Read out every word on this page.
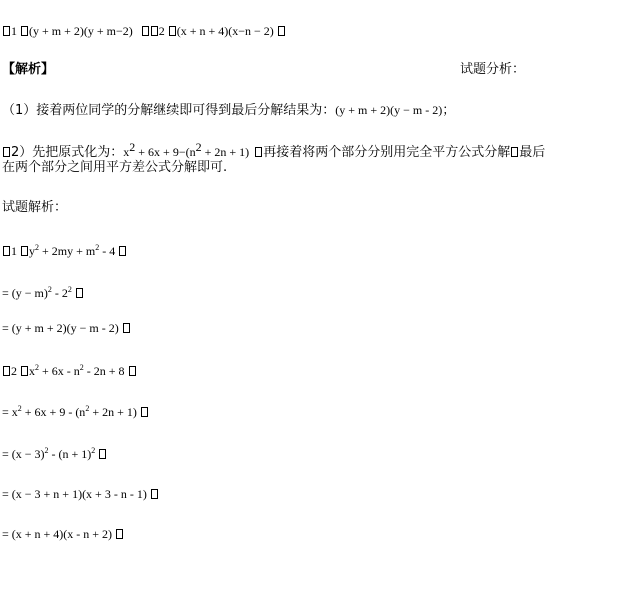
1 (y + m + 2)(y + m−2) 2 (x + n + 4)(x−n − 2)
【解析】	试题分析：
（1）接着两位同学的分解继续即可得到最后分解结果为：(y + m + 2)(y − m - 2)；
2）先把原式化为：$x^2 + 6x + 9-(n^2 + 2n + 1)$ 再接着将两个部分分别用完全平方公式分解 最后
在两个部分之间用平方差公式分解即可.
试题解析：
1 $y^2 + 2my + m^2 - 4$
= $(y - m)^2 - 2^2$
= (y + m + 2)(y − m - 2)
2 $x^2 + 6x - n^2 - 2n + 8$
= $x^2 + 6x + 9 - (n^2 + 2n + 1)$
= $(x - 3)^2 - (n + 1)^2$
= (x − 3 + n + 1)(x + 3 - n - 1)
= (x + n + 4)(x - n + 2)
